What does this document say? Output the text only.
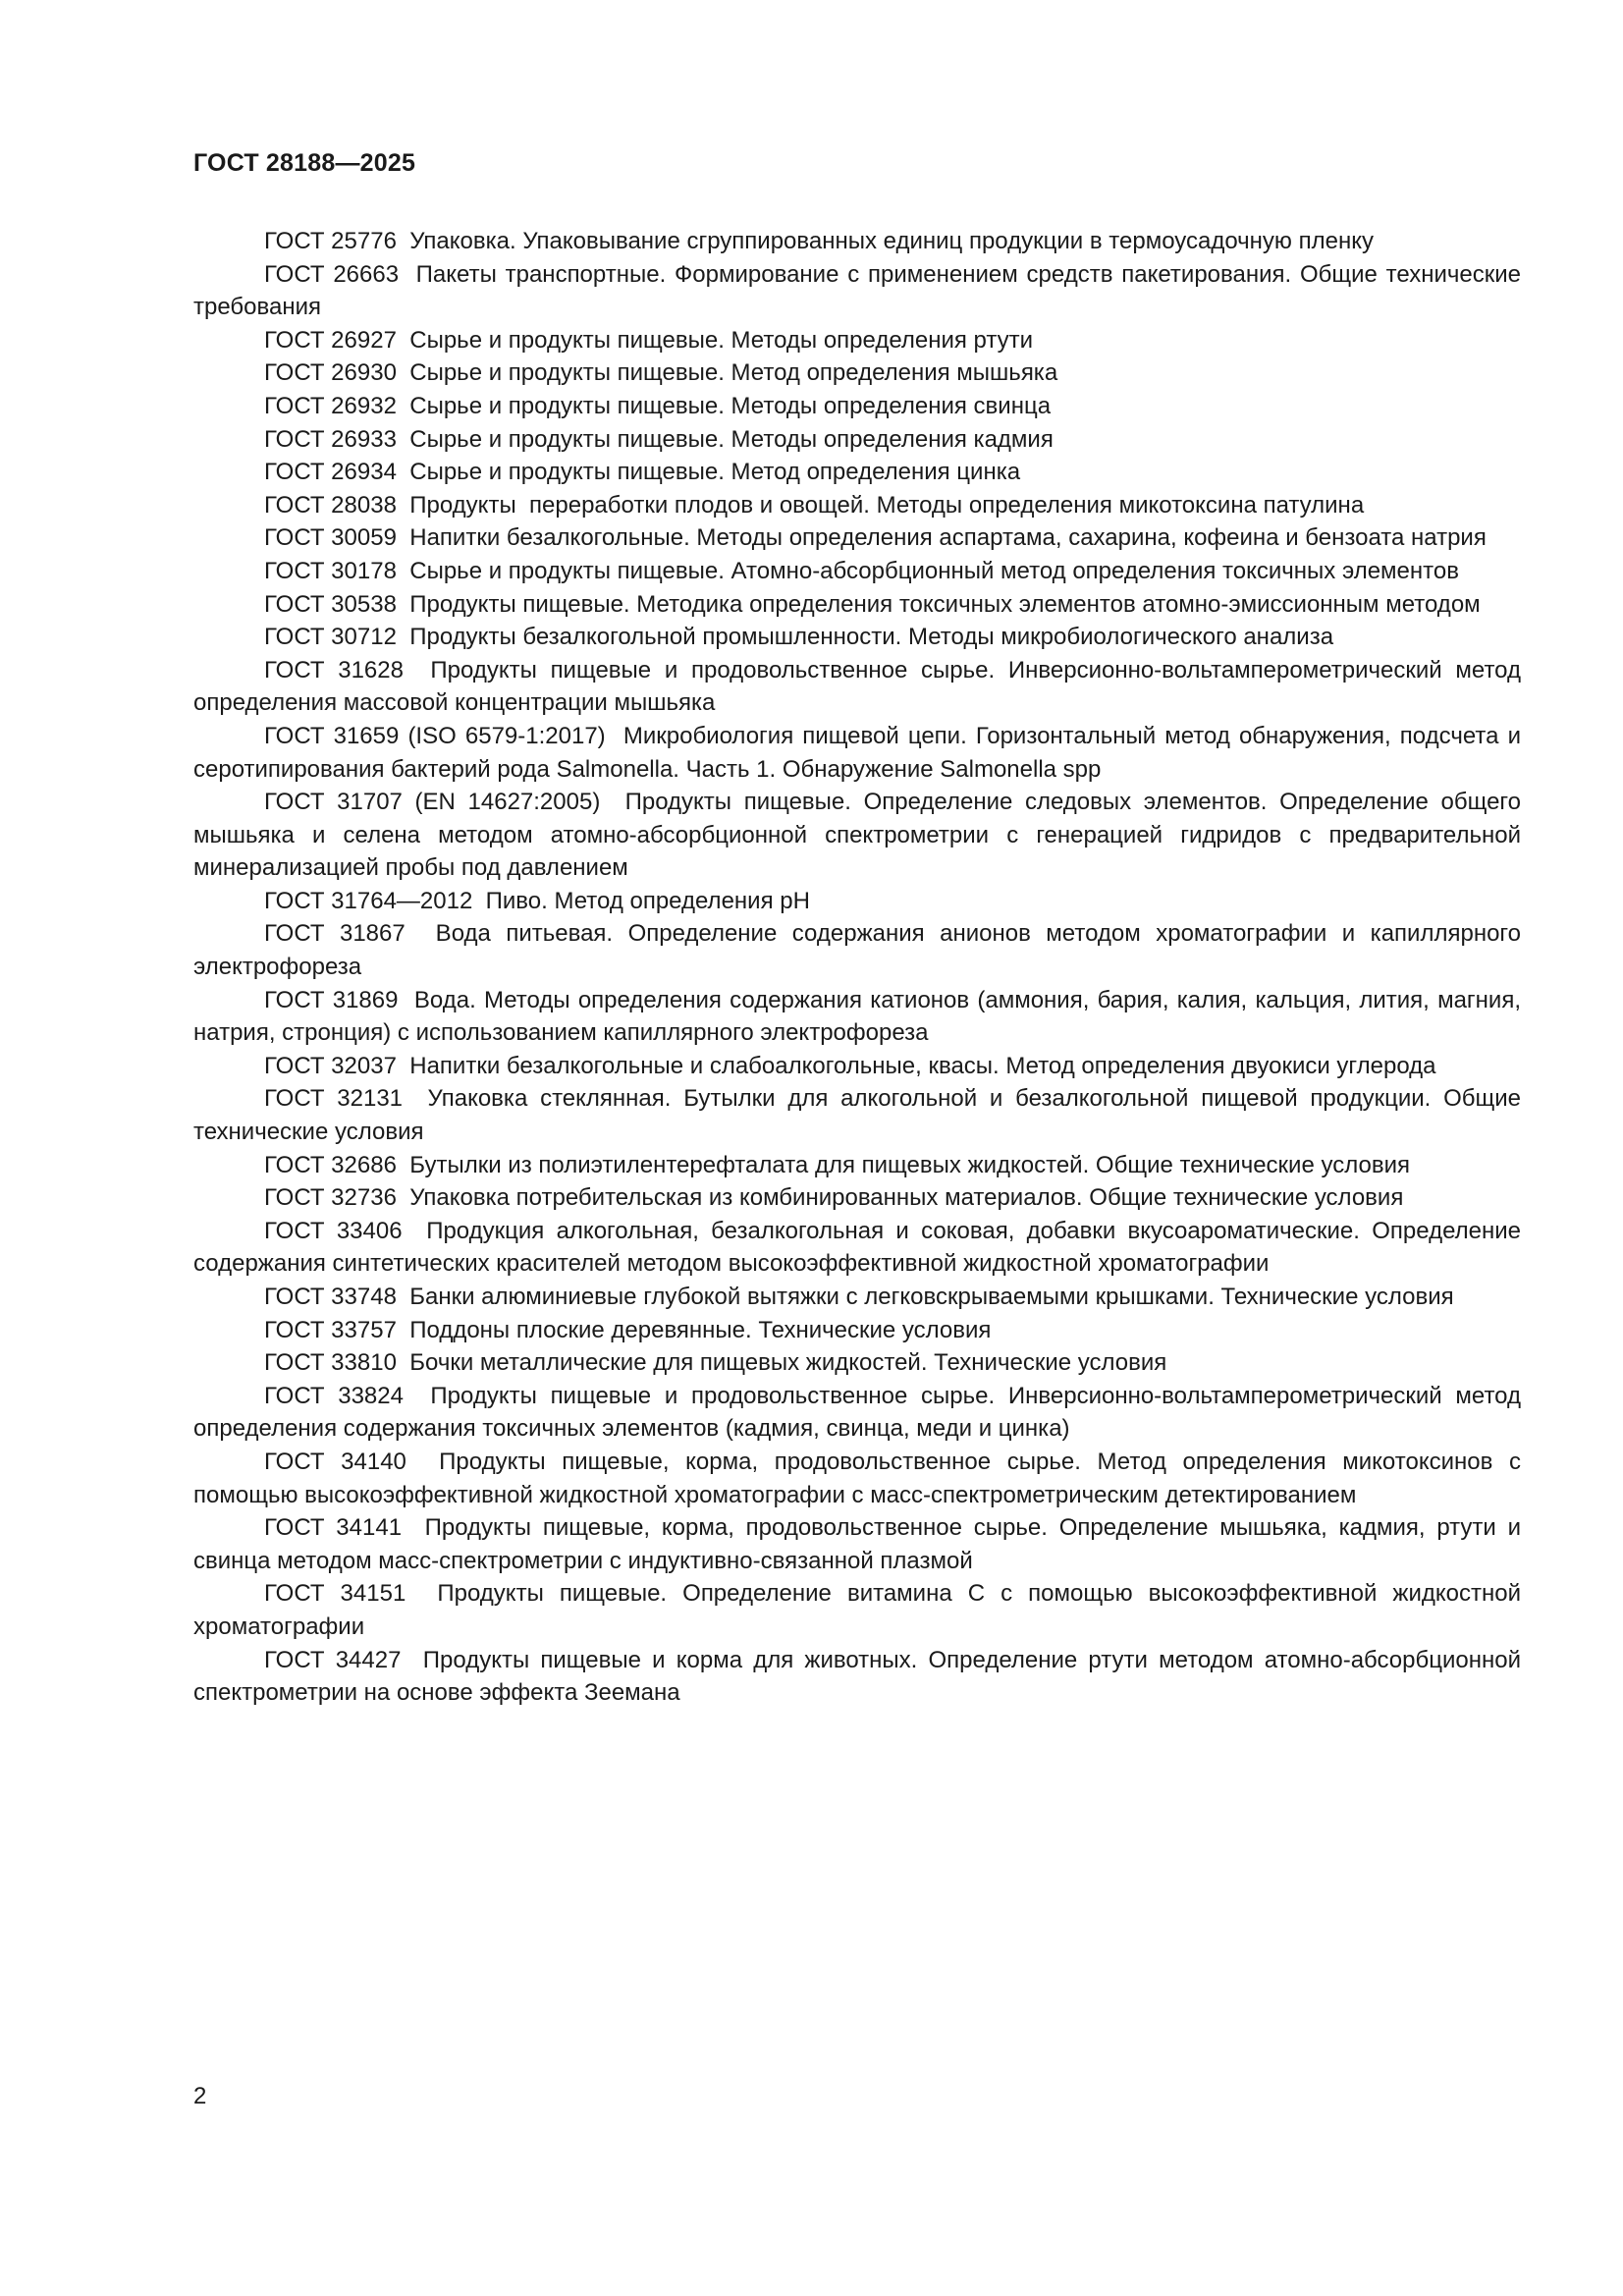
ГОСТ 28188—2025

ГОСТ 25776  Упаковка. Упаковывание сгруппированных единиц продукции в термоусадочную пленку

ГОСТ 26663  Пакеты транспортные. Формирование с применением средств пакетирования. Общие технические требования

ГОСТ 26927  Сырье и продукты пищевые. Методы определения ртути

ГОСТ 26930  Сырье и продукты пищевые. Метод определения мышьяка

ГОСТ 26932  Сырье и продукты пищевые. Методы определения свинца

ГОСТ 26933  Сырье и продукты пищевые. Методы определения кадмия

ГОСТ 26934  Сырье и продукты пищевые. Метод определения цинка

ГОСТ 28038  Продукты  переработки плодов и овощей. Методы определения микотоксина патулина

ГОСТ 30059  Напитки безалкогольные. Методы определения аспартама, сахарина, кофеина и бензоата натрия

ГОСТ 30178  Сырье и продукты пищевые. Атомно-абсорбционный метод определения токсичных элементов

ГОСТ 30538  Продукты пищевые. Методика определения токсичных элементов атомно-эмиссионным методом

ГОСТ 30712  Продукты безалкогольной промышленности. Методы микробиологического анализа

ГОСТ 31628  Продукты пищевые и продовольственное сырье. Инверсионно-вольтамперометрический метод определения массовой концентрации мышьяка

ГОСТ 31659 (ISO 6579-1:2017)  Микробиология пищевой цепи. Горизонтальный метод обнаружения, подсчета и серотипирования бактерий рода Salmonella. Часть 1. Обнаружение Salmonella spp

ГОСТ 31707 (EN 14627:2005)  Продукты пищевые. Определение следовых элементов. Определение общего мышьяка и селена методом атомно-абсорбционной спектрометрии с генерацией гидридов с предварительной минерализацией пробы под давлением

ГОСТ 31764—2012  Пиво. Метод определения pH

ГОСТ 31867  Вода питьевая. Определение содержания анионов методом хроматографии и капиллярного электрофореза

ГОСТ 31869  Вода. Методы определения содержания катионов (аммония, бария, калия, кальция, лития, магния, натрия, стронция) с использованием капиллярного электрофореза

ГОСТ 32037  Напитки безалкогольные и слабоалкогольные, квасы. Метод определения двуокиси углерода

ГОСТ 32131  Упаковка стеклянная. Бутылки для алкогольной и безалкогольной пищевой продукции. Общие технические условия

ГОСТ 32686  Бутылки из полиэтилентерефталата для пищевых жидкостей. Общие технические условия

ГОСТ 32736  Упаковка потребительская из комбинированных материалов. Общие технические условия

ГОСТ 33406  Продукция алкогольная, безалкогольная и соковая, добавки вкусоароматические. Определение содержания синтетических красителей методом высокоэффективной жидкостной хроматографии

ГОСТ 33748  Банки алюминиевые глубокой вытяжки с легковскрываемыми крышками. Технические условия

ГОСТ 33757  Поддоны плоские деревянные. Технические условия

ГОСТ 33810  Бочки металлические для пищевых жидкостей. Технические условия

ГОСТ 33824  Продукты пищевые и продовольственное сырье. Инверсионно-вольтамперометрический метод определения содержания токсичных элементов (кадмия, свинца, меди и цинка)

ГОСТ 34140  Продукты пищевые, корма, продовольственное сырье. Метод определения микотоксинов с помощью высокоэффективной жидкостной хроматографии с масс-спектрометрическим детектированием

ГОСТ 34141  Продукты пищевые, корма, продовольственное сырье. Определение мышьяка, кадмия, ртути и свинца методом масс-спектрометрии с индуктивно-связанной плазмой

ГОСТ 34151  Продукты пищевые. Определение витамина С с помощью высокоэффективной жидкостной хроматографии

ГОСТ 34427  Продукты пищевые и корма для животных. Определение ртути методом атомно-абсорбционной спектрометрии на основе эффекта Зеемана

2
